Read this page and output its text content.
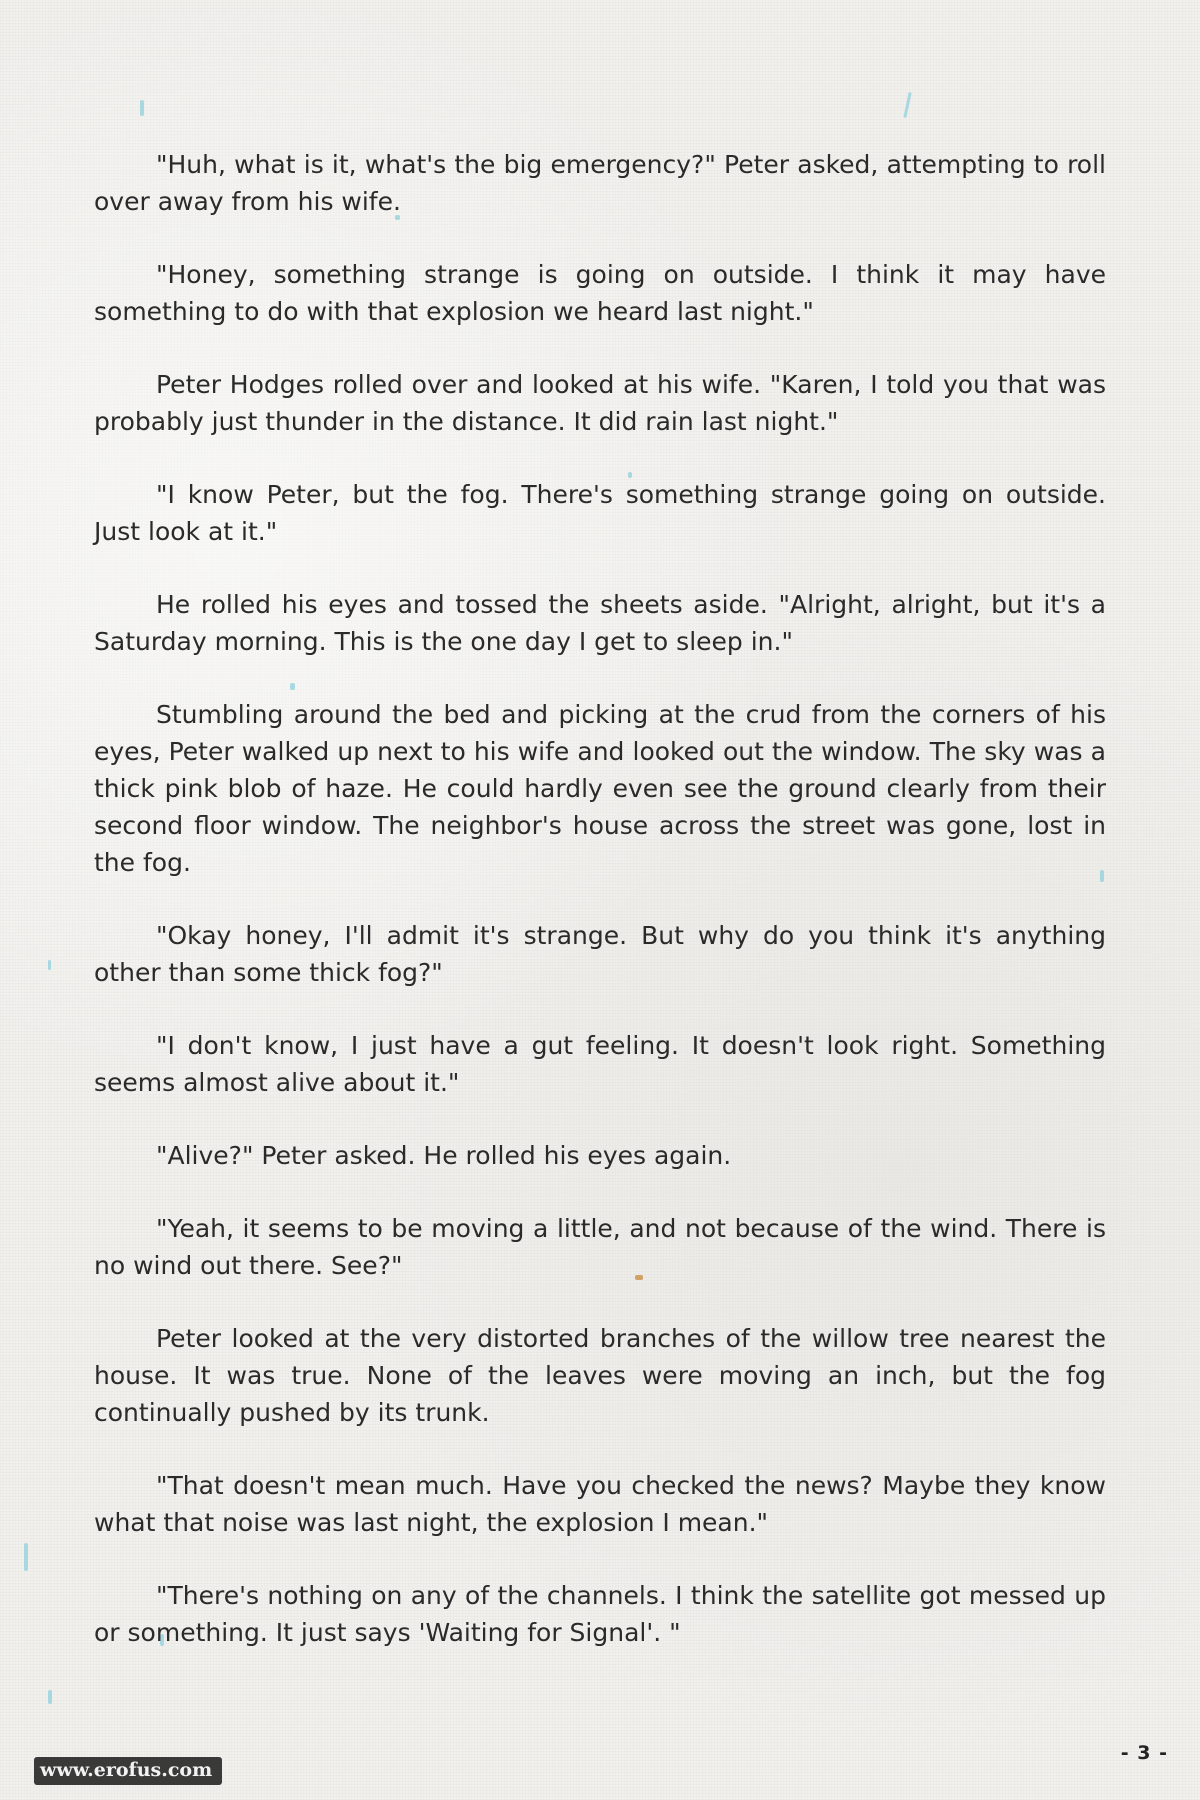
"Huh, what is it, what's the big emergency?" Peter asked, attempting to roll over away from his wife.

"Honey, something strange is going on outside. I think it may have something to do with that explosion we heard last night."

Peter Hodges rolled over and looked at his wife. "Karen, I told you that was probably just thunder in the distance. It did rain last night."

"I know Peter, but the fog. There's something strange going on outside. Just look at it."

He rolled his eyes and tossed the sheets aside. "Alright, alright, but it's a Saturday morning. This is the one day I get to sleep in."

Stumbling around the bed and picking at the crud from the corners of his eyes, Peter walked up next to his wife and looked out the window. The sky was a thick pink blob of haze. He could hardly even see the ground clearly from their second floor window. The neighbor's house across the street was gone, lost in the fog.

"Okay honey, I'll admit it's strange. But why do you think it's anything other than some thick fog?"

"I don't know, I just have a gut feeling. It doesn't look right. Something seems almost alive about it."

"Alive?" Peter asked. He rolled his eyes again.

"Yeah, it seems to be moving a little, and not because of the wind. There is no wind out there. See?"

Peter looked at the very distorted branches of the willow tree nearest the house. It was true. None of the leaves were moving an inch, but the fog continually pushed by its trunk.

"That doesn't mean much. Have you checked the news? Maybe they know what that noise was last night, the explosion I mean."

"There's nothing on any of the channels. I think the satellite got messed up or something. It just says 'Waiting for Signal'. "

- 3 -
www.erofus.com
